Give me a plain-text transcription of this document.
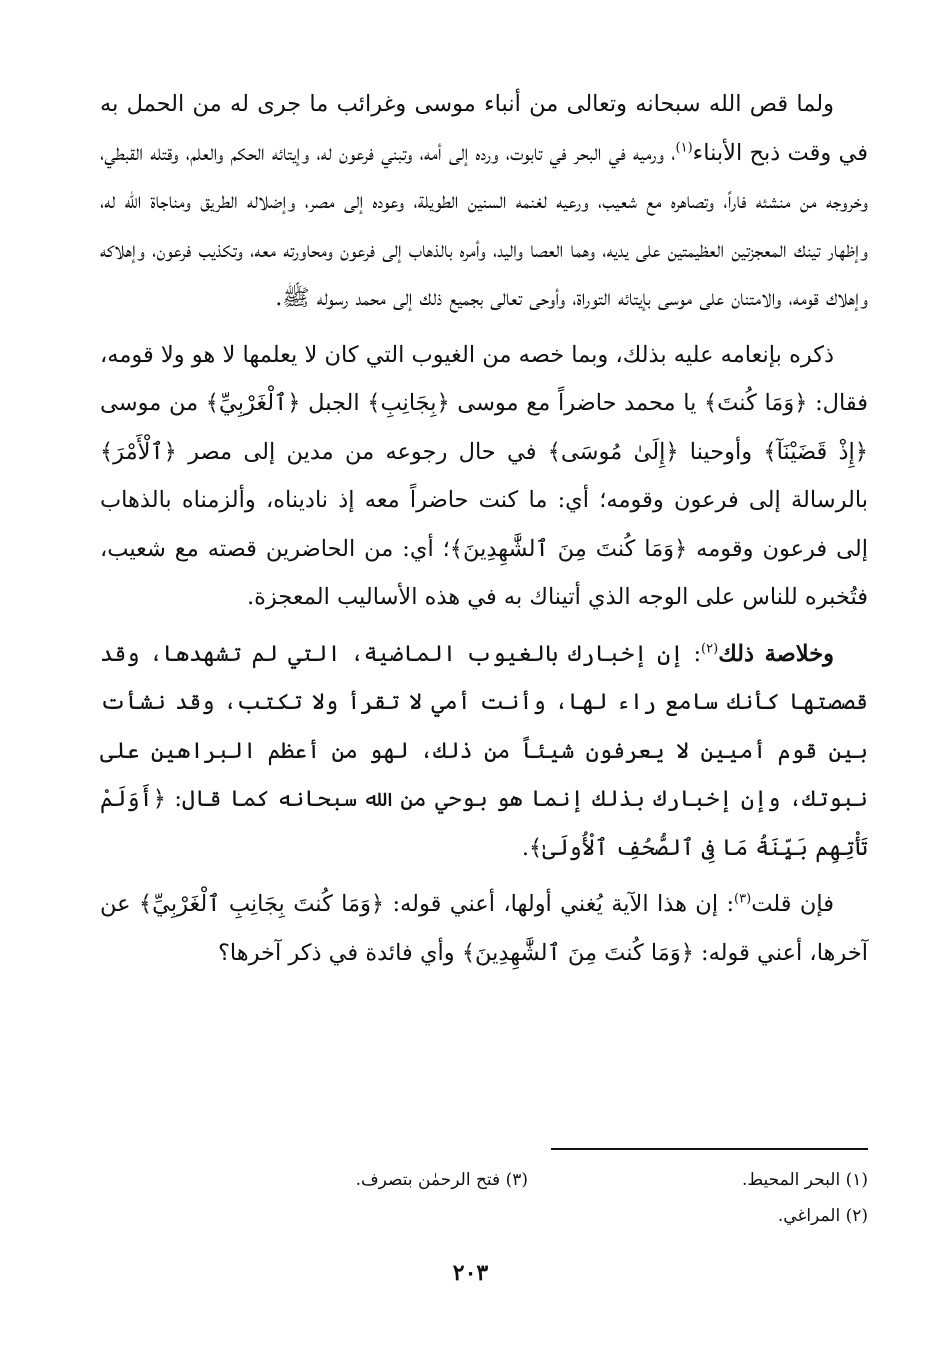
ولما قص الله سبحانه وتعالى من أنباء موسى وغرائب ما جرى له من الحمل به في وقت ذبح الأبناء$^{(١)}$، ورميه في البحر في تابوت، ورده إلى أمه، وتبني فرعون له، وإيتائه الحكم والعلم، وقتله القبطي، وخروجه من منشئه فاراً، وتصاهره مع شعيب، ورعيه لغنمه السنين الطويلة، وعوده إلى مصر، وإضلاله الطريق ومناجاة الله له، وإظهار تينك المعجزتين العظيمتين على يديه، وهما العصا واليد، وأمره بالذهاب إلى فرعون ومحاورته معه، وتكذيب فرعون، وإهلاكه وإهلاك قومه، والامتنان على موسى بإيتائه التوراة، وأوحى تعالى بجميع ذلك إلى محمد رسوله ﷺ.

ذكره بإنعامه عليه بذلك، وبما خصه من الغيوب التي كان لا يعلمها لا هو ولا قومه، فقال: ﴿وَمَا كُنتَ﴾ يا محمد حاضراً مع موسى ﴿بِجَانِبِ﴾ الجبل ﴿ٱلْغَرْبِيِّ﴾ من موسى ﴿إِذْ قَضَيْنَآ﴾ وأوحينا ﴿إِلَىٰ مُوسَى﴾ في حال رجوعه من مدين إلى مصر ﴿ٱلْأَمْرَ﴾ بالرسالة إلى فرعون وقومه؛ أي: ما كنت حاضراً معه إذ ناديناه، وألزمناه بالذهاب إلى فرعون وقومه ﴿وَمَا كُنتَ مِنَ ٱلشَّٰهِدِينَ﴾؛ أي: من الحاضرين قصته مع شعيب، فتُخبره للناس على الوجه الذي أتيناك به في هذه الأساليب المعجزة.

وخلاصة ذلك$^{(٢)}$: إن إخبارك بالغيوب الماضية، التي لم تشهدها، وقد قصصتها كأنك سامع راء لها، وأنت أمي لا تقرأ ولا تكتب، وقد نشأت بين قوم أميين لا يعرفون شيئاً من ذلك، لهو من أعظم البراهين على نبوتك، وإن إخبارك بذلك إنما هو بوحي من الله سبحانه كما قال: ﴿أَوَلَمْ تَأْتِهِم بَيِّنَةُ مَا فِى ٱلصُّحُفِ ٱلْأُولَىٰ﴾.

فإن قلت$^{(٣)}$: إن هذا الآية يُغني أولها، أعني قوله: ﴿وَمَا كُنتَ بِجَانِبِ ٱلْغَرْبِيِّ﴾ عن آخرها، أعني قوله: ﴿وَمَا كُنتَ مِنَ ٱلشَّٰهِدِينَ﴾ وأي فائدة في ذكر آخرها؟

(١) البحر المحيط.
(٣) فتح الرحمٰن بتصرف.
(٢) المراغي.
٢٠٣
